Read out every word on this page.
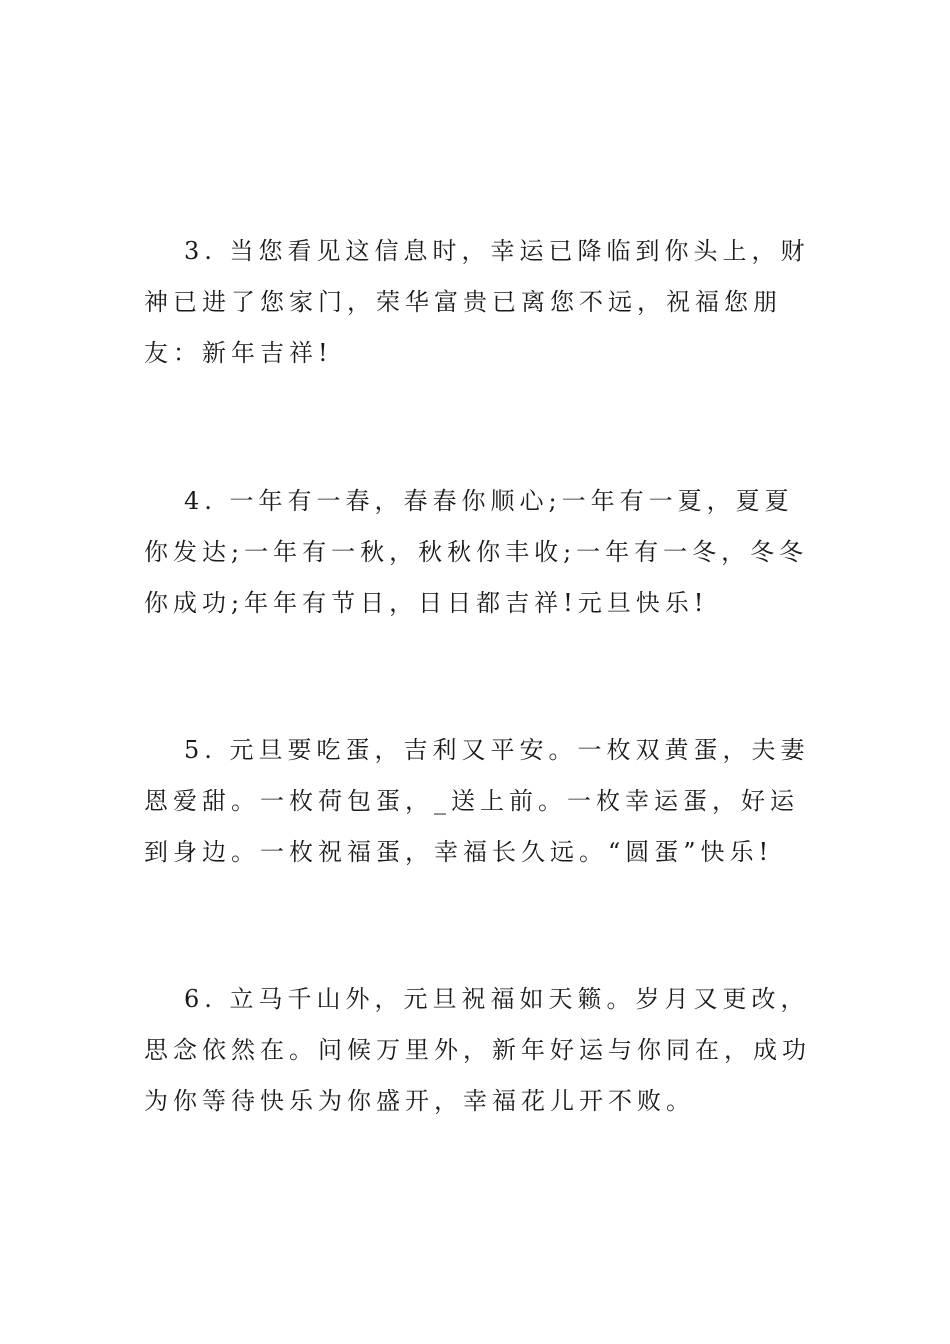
3. 当您看见这信息时，幸运已降临到你头上，财神已进了您家门，荣华富贵已离您不远，祝福您朋友：新年吉祥!

4. 一年有一春，春春你顺心;一年有一夏，夏夏你发达;一年有一秋，秋秋你丰收;一年有一冬，冬冬你成功;年年有节日，日日都吉祥!元旦快乐!

5. 元旦要吃蛋，吉利又平安。一枚双黄蛋，夫妻恩爱甜。一枚荷包蛋，_送上前。一枚幸运蛋，好运到身边。一枚祝福蛋，幸福长久远。“圆蛋”快乐!

6. 立马千山外，元旦祝福如天籁。岁月又更改，思念依然在。问候万里外，新年好运与你同在，成功为你等待快乐为你盛开，幸福花儿开不败。
